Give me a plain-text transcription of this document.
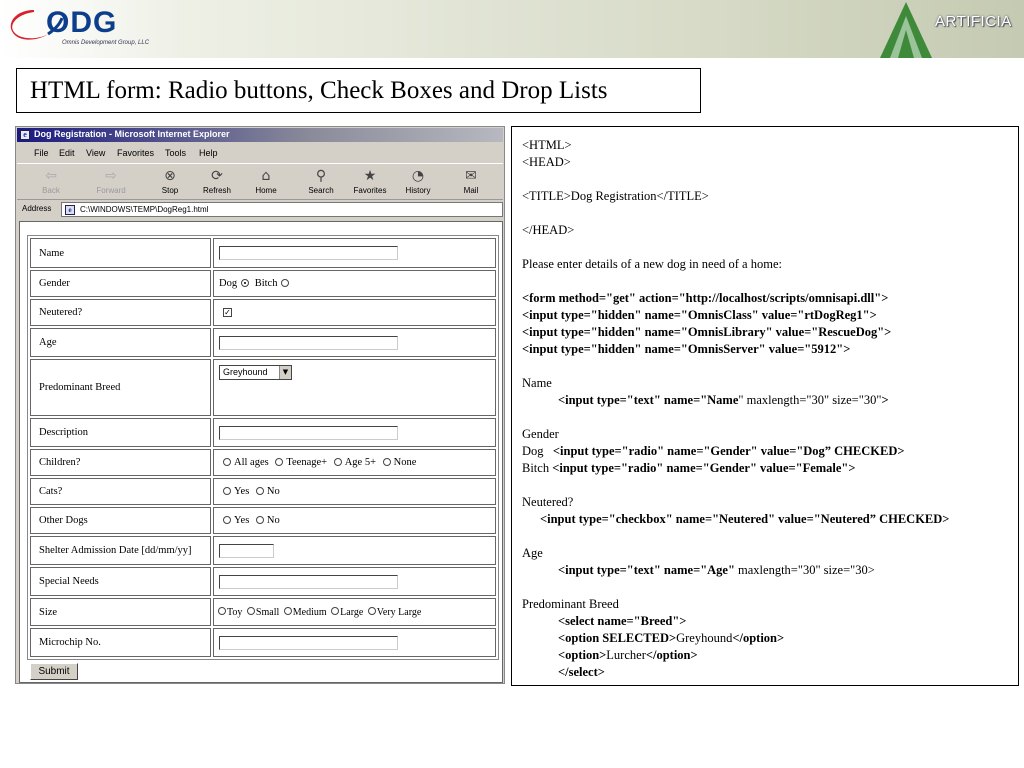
ODG
Omnis Development Group, LLC
ARTIFICIA
HTML form: Radio buttons, Check Boxes and Drop Lists
e Dog Registration - Microsoft Internet Explorer
File Edit View Favorites Tools Help
⇦
Back
⇨
Forward
⊗
Stop
⟳
Refresh
⌂
Home
⚲
Search
★
Favorites
◔
History
✉
Mail
Address	e	C:\WINDOWS\TEMP\DogReg1.html
Name	
Gender	Dog Bitch
Neutered?	✓
Age	
Predominant Breed	Greyhound ▼

Description	
Children?	All ages Teenage+ Age 5+ None
Cats?	Yes No
Other Dogs	Yes No
Shelter Admission Date [dd/mm/yy]	
Special Needs	
Size	Toy Small Medium Large Very Large
Microchip No.	
Submit
<HTML>
<HEAD>
<TITLE>Dog Registration</TITLE>
</HEAD>
Please enter details of a new dog in need of a home:
<form method="get" action="http://localhost/scripts/omnisapi.dll">
<input type="hidden" name="OmnisClass" value="rtDogReg1">
<input type="hidden" name="OmnisLibrary" value="RescueDog">
<input type="hidden" name="OmnisServer" value="5912">
Name
<input type="text" name="Name" maxlength="30" size="30">
Gender
Dog <input type="radio" name="Gender" value="Dog” CHECKED>
Bitch <input type="radio" name="Gender" value="Female">
Neutered?
<input type="checkbox" name="Neutered" value="Neutered” CHECKED>
Age
<input type="text" name="Age" maxlength="30" size="30>
Predominant Breed
<select name="Breed">
<option SELECTED>Greyhound</option>
<option>Lurcher</option>
</select>
